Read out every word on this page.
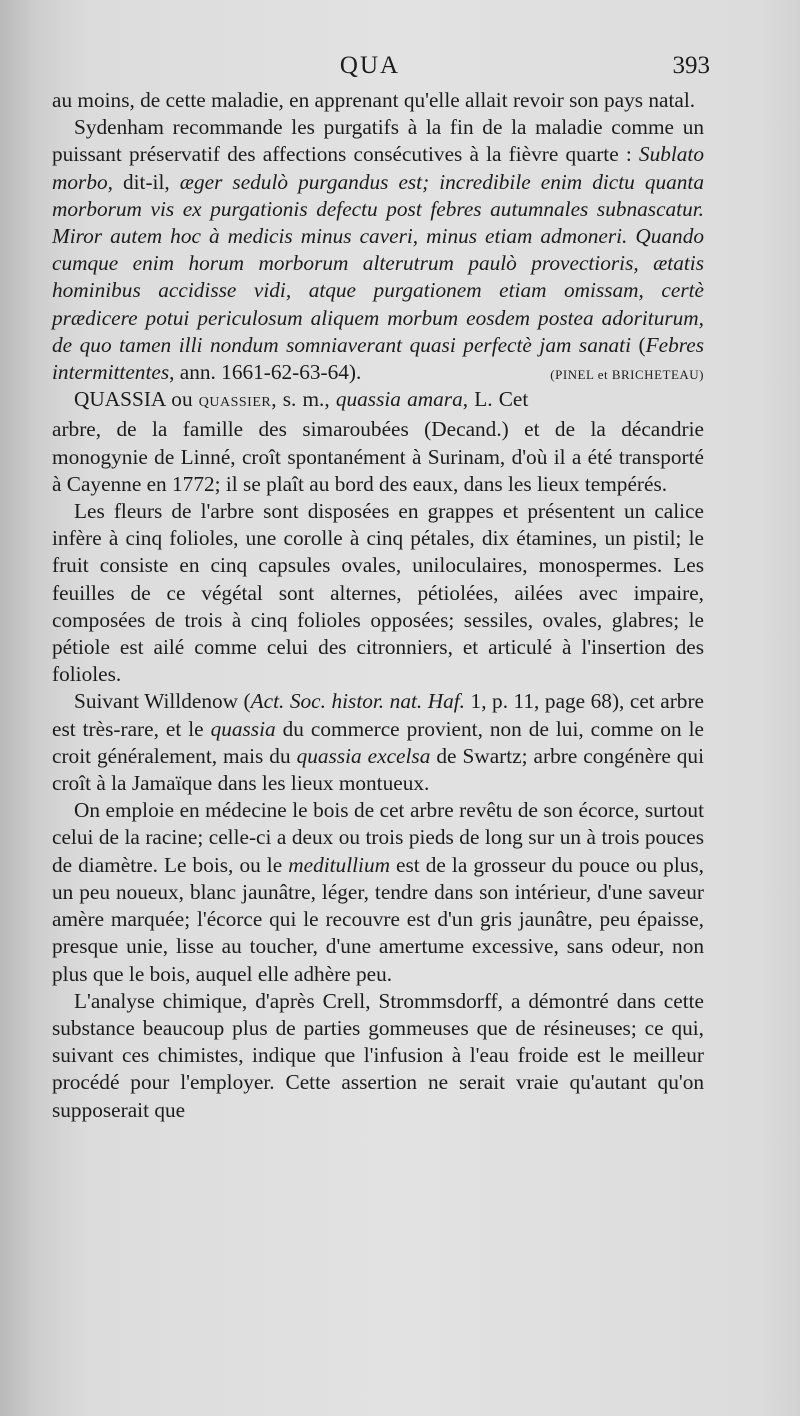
QUA	393

au moins, de cette maladie, en apprenant qu'elle allait revoir son pays natal.

Sydenham recommande les purgatifs à la fin de la maladie comme un puissant préservatif des affections consécutives à la fièvre quarte : Sublato morbo, dit-il, æger sedulò purgandus est; incredibile enim dictu quanta morborum vis ex purgationis defectu post febres autumnales subnascatur. Miror autem hoc à medicis minus caveri, minus etiam admoneri. Quando cumque enim horum morborum alterutrum paulò provectioris, ætatis hominibus accidisse vidi, atque purgationem etiam omissam, certè prædicere potui periculosum aliquem morbum eosdem postea adoriturum, de quo tamen illi nondum somniaverant quasi perfectè jam sanati (Febres intermittentes, ann. 1661-62-63-64).	(PINEL et BRICHETEAU)

QUASSIA ou QUASSIER, s. m., quassia amara, L. Cet arbre, de la famille des simaroubées (Decand.) et de la décandrie monogynie de Linné, croît spontanément à Surinam, d'où il a été transporté à Cayenne en 1772; il se plaît au bord des eaux, dans les lieux tempérés.

Les fleurs de l'arbre sont disposées en grappes et présentent un calice infère à cinq folioles, une corolle à cinq pétales, dix étamines, un pistil; le fruit consiste en cinq capsules ovales, uniloculaires, monospermes. Les feuilles de ce végétal sont alternes, pétiolées, ailées avec impaire, composées de trois à cinq folioles opposées; sessiles, ovales, glabres; le pétiole est ailé comme celui des citronniers, et articulé à l'insertion des folioles.

Suivant Willdenow (Act. Soc. histor. nat. Haf. 1, p. 11, page 68), cet arbre est très-rare, et le quassia du commerce provient, non de lui, comme on le croit généralement, mais du quassia excelsa de Swartz; arbre congénère qui croît à la Jamaïque dans les lieux montueux.

On emploie en médecine le bois de cet arbre revêtu de son écorce, surtout celui de la racine; celle-ci a deux ou trois pieds de long sur un à trois pouces de diamètre. Le bois, ou le meditullium est de la grosseur du pouce ou plus, un peu noueux, blanc jaunâtre, léger, tendre dans son intérieur, d'une saveur amère marquée; l'écorce qui le recouvre est d'un gris jaunâtre, peu épaisse, presque unie, lisse au toucher, d'une amertume excessive, sans odeur, non plus que le bois, auquel elle adhère peu.

L'analyse chimique, d'après Crell, Strommsdorff, a démontré dans cette substance beaucoup plus de parties gommeuses que de résineuses; ce qui, suivant ces chimistes, indique que l'infusion à l'eau froide est le meilleur procédé pour l'employer. Cette assertion ne serait vraie qu'autant qu'on supposerait que
